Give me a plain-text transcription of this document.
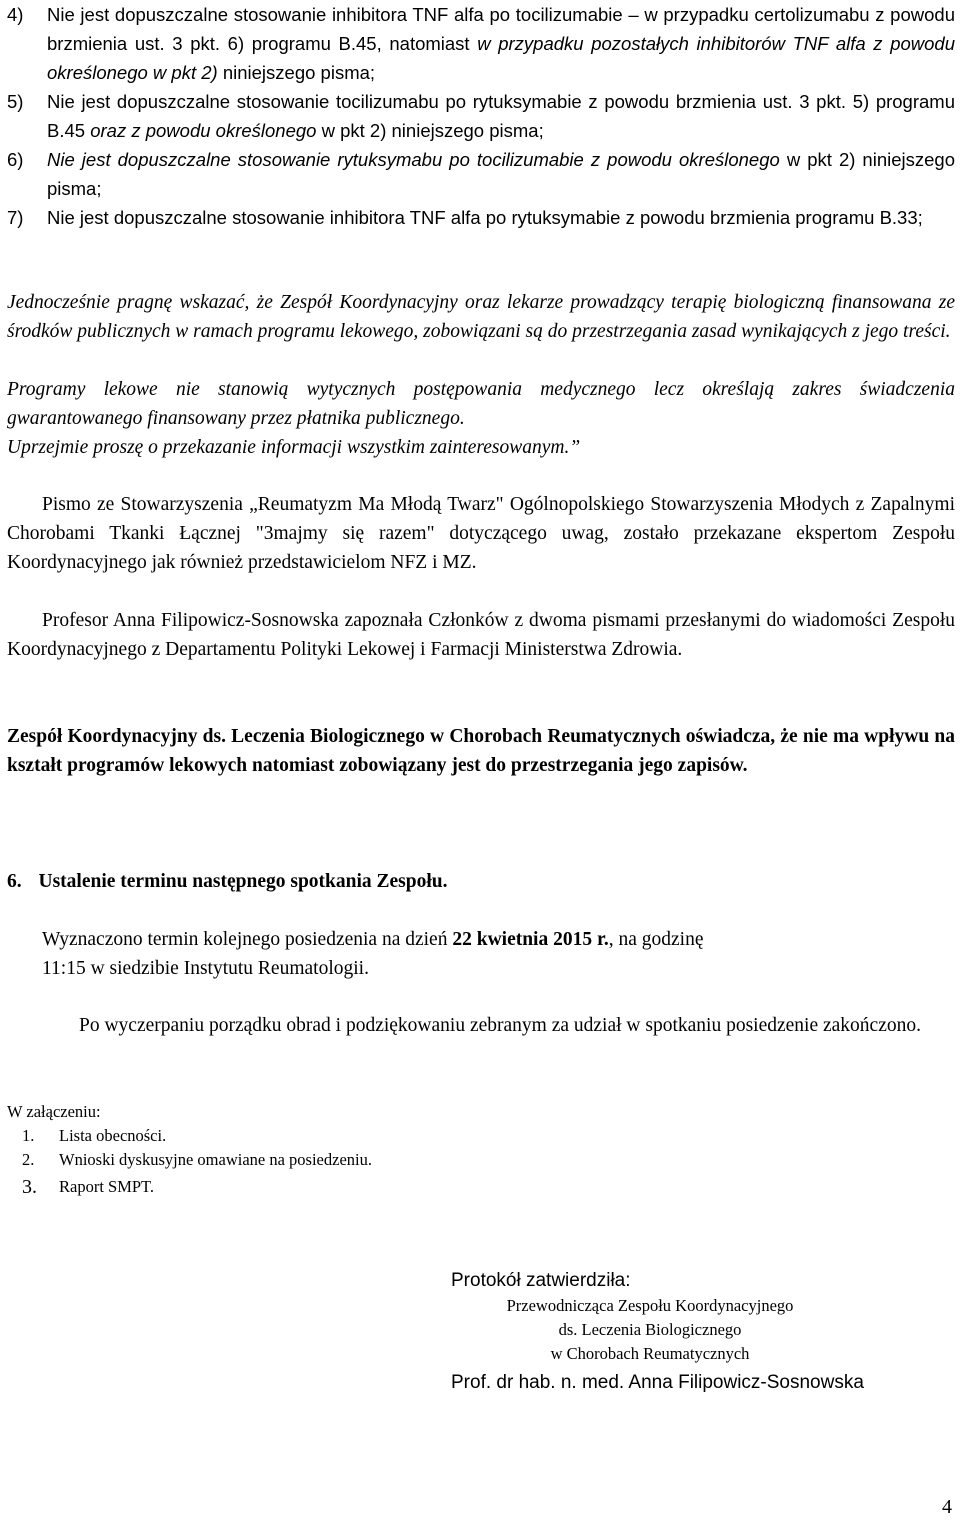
4) Nie jest dopuszczalne stosowanie inhibitora TNF alfa po tocilizumabie – w przypadku certolizumabu z powodu brzmienia ust. 3 pkt. 6) programu B.45, natomiast w przypadku pozostałych inhibitorów TNF alfa z powodu określonego w pkt 2) niniejszego pisma;
5) Nie jest dopuszczalne stosowanie tocilizumabu po rytuksymabie z powodu brzmienia ust. 3 pkt. 5) programu B.45 oraz z powodu określonego w pkt 2) niniejszego pisma;
6) Nie jest dopuszczalne stosowanie rytuksymabu po tocilizumabie z powodu określonego w pkt 2) niniejszego pisma;
7) Nie jest dopuszczalne stosowanie inhibitora TNF alfa po rytuksymabie z powodu brzmienia programu B.33;
Jednocześnie pragnę wskazać, że Zespół Koordynacyjny oraz lekarze prowadzący terapię biologiczną finansowana ze środków publicznych w ramach programu lekowego, zobowiązani są do przestrzegania zasad wynikających z jego treści.
Programy lekowe nie stanowią wytycznych postępowania medycznego lecz określają zakres świadczenia gwarantowanego finansowany przez płatnika publicznego.
Uprzejmie proszę o przekazanie informacji wszystkim zainteresowanym.”
Pismo ze Stowarzyszenia „Reumatyzm Ma Młodą Twarz" Ogólnopolskiego Stowarzyszenia Młodych z Zapalnymi Chorobami Tkanki Łącznej "3majmy się razem" dotyczącego uwag, zostało przekazane ekspertom Zespołu Koordynacyjnego jak również przedstawicielom NFZ i MZ.
Profesor Anna Filipowicz-Sosnowska zapoznała Członków z dwoma pismami przesłanymi do wiadomości Zespołu Koordynacyjnego z Departamentu Polityki Lekowej i Farmacji Ministerstwa Zdrowia.
Zespół Koordynacyjny ds. Leczenia Biologicznego w Chorobach Reumatycznych oświadcza, że nie ma wpływu na kształt programów lekowych natomiast zobowiązany jest do przestrzegania jego zapisów.
6. Ustalenie terminu następnego spotkania Zespołu.
Wyznaczono termin kolejnego posiedzenia na dzień 22 kwietnia 2015 r., na godzinę
11:15 w siedzibie Instytutu Reumatologii.
Po wyczerpaniu porządku obrad i podziękowaniu zebranym za udział w spotkaniu posiedzenie zakończono.
W załączeniu:
1. Lista obecności.
2. Wnioski dyskusyjne omawiane na posiedzeniu.
3. Raport SMPT.
Protokół zatwierdziła:
Przewodnicząca Zespołu Koordynacyjnego
ds. Leczenia Biologicznego
w Chorobach Reumatycznych
Prof. dr hab. n. med. Anna Filipowicz-Sosnowska
4
